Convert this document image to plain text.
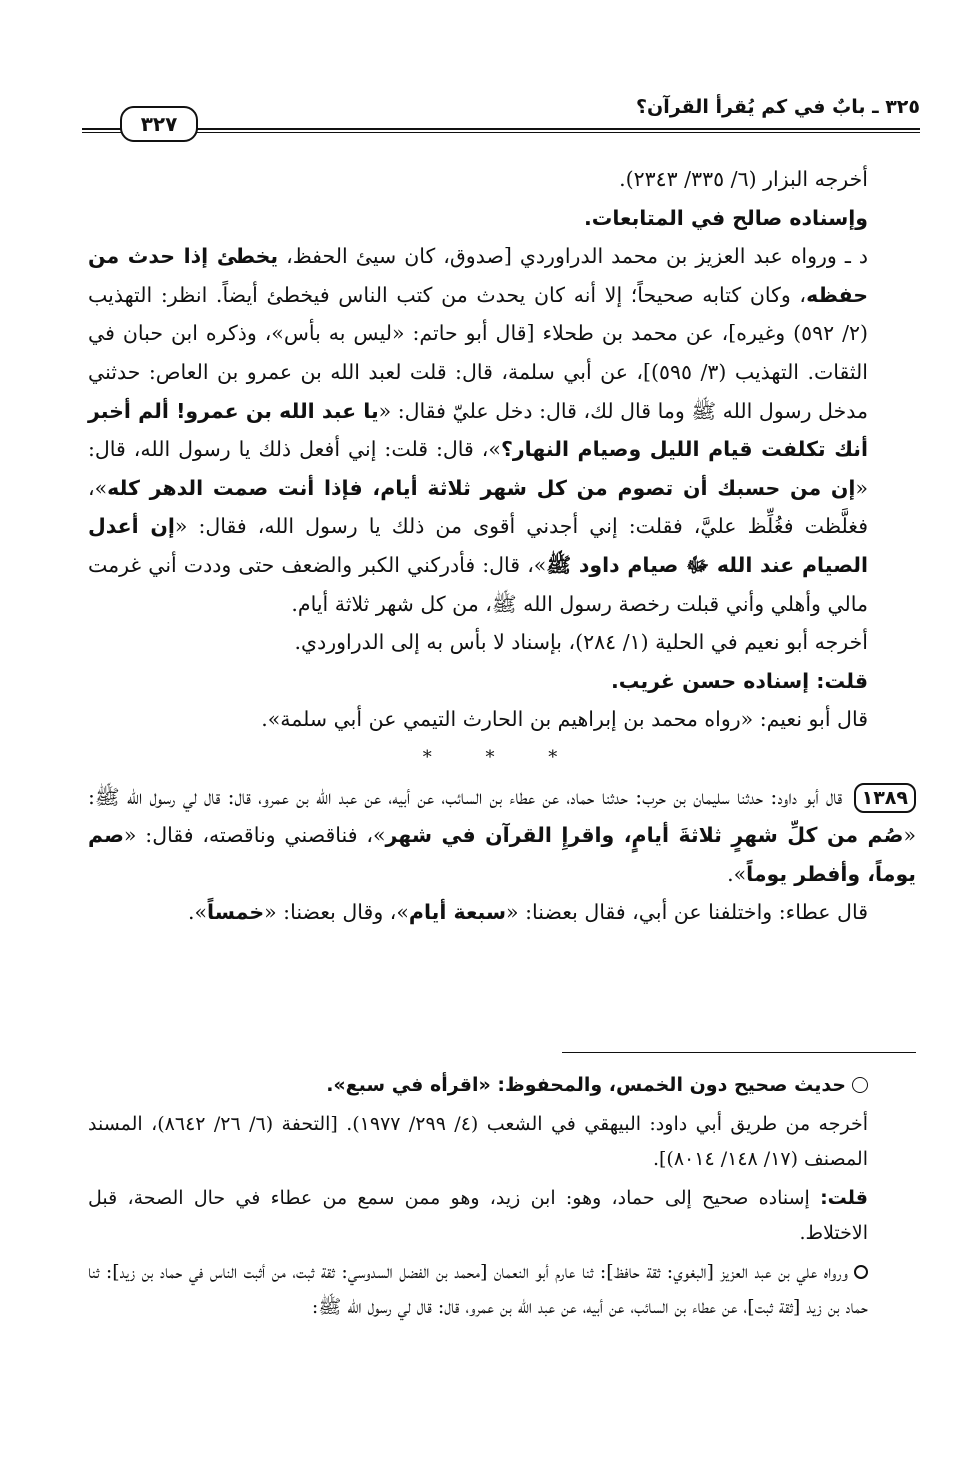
٣٢٥ ـ بابٌ في كم يُقرأ القرآن؟
٣٢٧

أخرجه البزار (٦/ ٣٣٥/ ٢٣٤٣).

وإسناده صالح في المتابعات.

د ـ ورواه عبد العزيز بن محمد الدراوردي [صدوق، كان سيئ الحفظ، يخطئ إذا حدث من حفظه، وكان كتابه صحيحاً؛ إلا أنه كان يحدث من كتب الناس فيخطئ أيضاً. انظر: التهذيب (٢/ ٥٩٢) وغيره]، عن محمد بن طحلاء [قال أبو حاتم: «ليس به بأس»، وذكره ابن حبان في الثقات. التهذيب (٣/ ٥٩٥)]، عن أبي سلمة، قال: قلت لعبد الله بن عمرو بن العاص: حدثني مدخل رسول الله ﷺ وما قال لك، قال: دخل عليّ فقال: «يا عبد الله بن عمرو! ألم أخبر أنك تكلفت قيام الليل وصيام النهار؟»، قال: قلت: إني أفعل ذلك يا رسول الله، قال: «إن من حسبك أن تصوم من كل شهر ثلاثة أيام، فإذا أنت صمت الدهر كله»، فغلَّظت فغُلِّظ عليَّ، فقلت: إني أجدني أقوى من ذلك يا رسول الله، فقال: «إن أعدل الصيام عند الله ﷻ صيام داود ﷺ»، قال: فأدركني الكبر والضعف حتى وددت أني غرمت مالي وأهلي وأني قبلت رخصة رسول الله ﷺ، من كل شهر ثلاثة أيام.

أخرجه أبو نعيم في الحلية (١/ ٢٨٤)، بإسناد لا بأس به إلى الدراوردي.

قلت: إسناده حسن غريب.

قال أبو نعيم: «رواه محمد بن إبراهيم بن الحارث التيمي عن أبي سلمة».

* * *

١٣٨٩ قال أبو داود: حدثنا سليمان بن حرب: حدثنا حماد، عن عطاء بن السائب، عن أبيه، عن عبد الله بن عمرو، قال: قال لي رسول الله ﷺ: «صُم من كلِّ شهرٍ ثلاثةَ أيامٍ، واقرإِ القرآن في شهر»، فناقصني وناقصته، فقال: «صم يوماً، وأفطر يوماً».

قال عطاء: واختلفنا عن أبي، فقال بعضنا: «سبعة أيام»، وقال بعضنا: «خمساً».

حديث صحيح دون الخمس، والمحفوظ: «اقرأه في سبع».

أخرجه من طريق أبي داود: البيهقي في الشعب (٤/ ٢٩٩/ ١٩٧٧). [التحفة (٦/ ٢٦/ ٨٦٤٢)، المسند المصنف (١٧/ ١٤٨/ ٨٠١٤)].

قلت: إسناده صحيح إلى حماد، وهو: ابن زيد، وهو ممن سمع من عطاء في حال الصحة، قبل الاختلاط.

ورواه علي بن عبد العزيز [البغوي: ثقة حافظ]: ثنا عارم أبو النعمان [محمد بن الفضل السدوسي: ثقة ثبت، من أثبت الناس في حماد بن زيد]: ثنا حماد بن زيد [ثقة ثبت]، عن عطاء بن السائب، عن أبيه، عن عبد الله بن عمرو، قال: قال لي رسول الله ﷺ:
